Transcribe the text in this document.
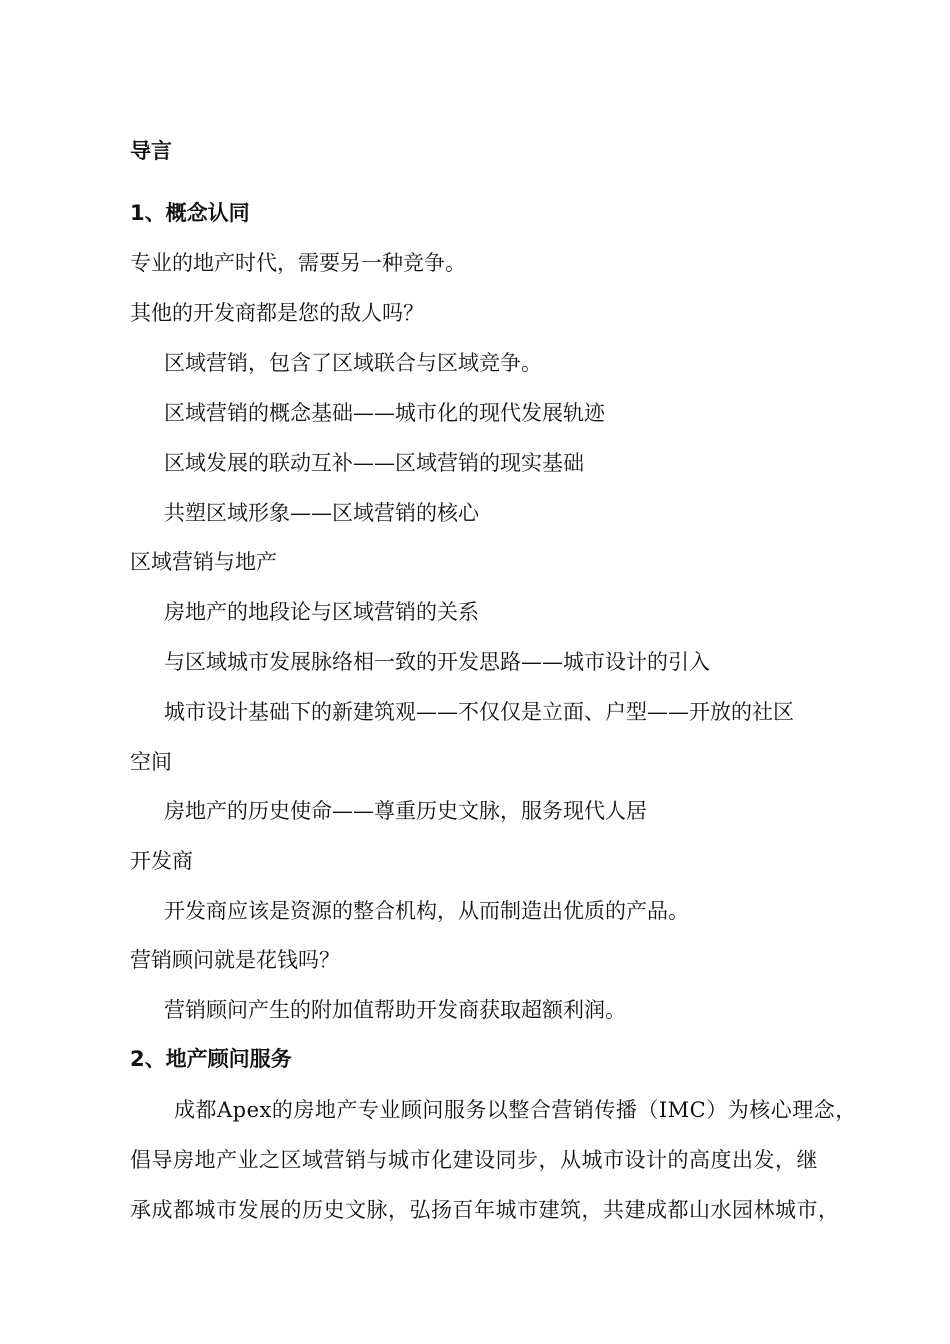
导言
1、概念认同
专业的地产时代，需要另一种竞争。
其他的开发商都是您的敌人吗？
区域营销，包含了区域联合与区域竞争。
区域营销的概念基础——城市化的现代发展轨迹
区域发展的联动互补——区域营销的现实基础
共塑区域形象——区域营销的核心
区域营销与地产
房地产的地段论与区域营销的关系
与区域城市发展脉络相一致的开发思路——城市设计的引入
城市设计基础下的新建筑观——不仅仅是立面、户型——开放的社区
空间
房地产的历史使命——尊重历史文脉，服务现代人居
开发商
开发商应该是资源的整合机构，从而制造出优质的产品。
营销顾问就是花钱吗？
营销顾问产生的附加值帮助开发商获取超额利润。
2、地产顾问服务
成都Apex的房地产专业顾问服务以整合营销传播（IMC）为核心理念，
倡导房地产业之区域营销与城市化建设同步，从城市设计的高度出发，继
承成都城市发展的历史文脉，弘扬百年城市建筑，共建成都山水园林城市，
